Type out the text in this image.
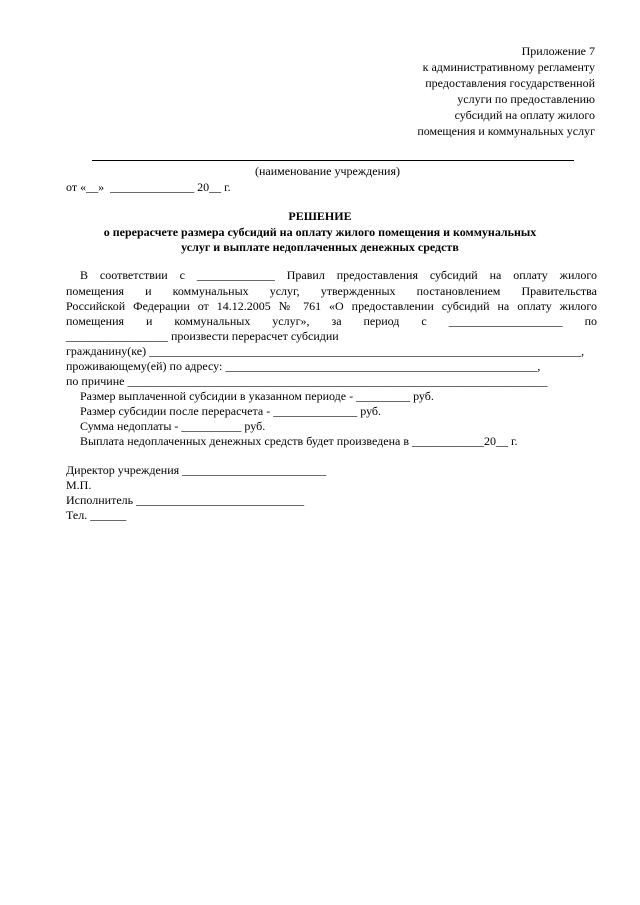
Приложение 7
к административному регламенту
предоставления государственной
услуги по предоставлению
субсидий на оплату жилого
помещения и коммунальных услуг
(наименование учреждения)
от «__»  ______________ 20__ г.
РЕШЕНИЕ
о перерасчете размера субсидий на оплату жилого помещения и коммунальных
услуг и выплате недоплаченных денежных средств
В соответствии с _____________ Правил предоставления субсидий на оплату жилого
помещения и коммунальных услуг, утвержденных постановлением Правительства
Российской Федерации от 14.12.2005 № 761 «О предоставлении субсидий на оплату жилого
помещения и коммунальных услуг», за период с ___________________ по
_________________ произвести перерасчет субсидии
гражданину(ке) ________________________________________________________________________,
проживающему(ей) по адресу: ____________________________________________________,
по причине ______________________________________________________________________
Размер выплаченной субсидии в указанном периоде - _________ руб.
Размер субсидии после перерасчета - ______________ руб.
Сумма недоплаты - __________ руб.
Выплата недоплаченных денежных средств будет произведена в ____________20__ г.
Директор учреждения ________________________
М.П.
Исполнитель ____________________________
Тел. ______
